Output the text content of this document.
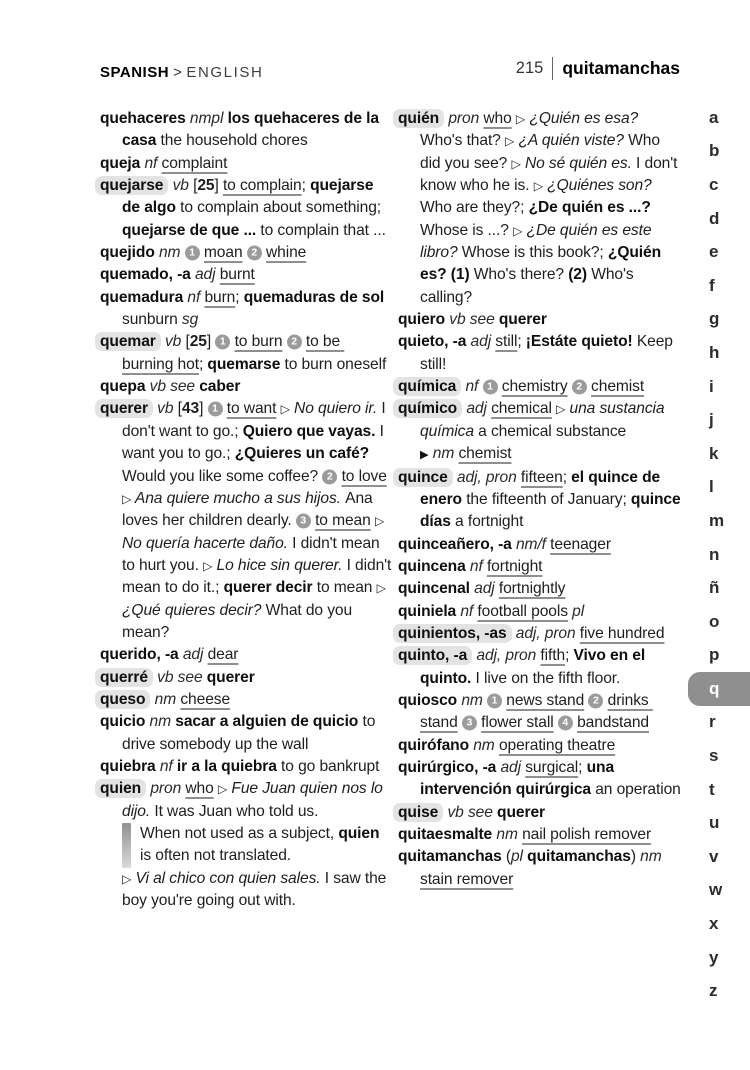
SPANISH > ENGLISH	215 quitamanchas
quehaceres nmpl los quehaceres de la casa the household chores
queja nf complaint
quejarse vb [25] to complain; quejarse de algo to complain about something; quejarse de que ... to complain that ...
quejido nm 1 moan 2 whine
quemado, -a adj burnt
quemadura nf burn; quemaduras de sol sunburn sg
quemar vb [25] 1 to burn 2 to be burning hot; quemarse to burn oneself
quepa vb see caber
querer vb [43] 1 to want ▷ No quiero ir. I don't want to go.; Quiero que vayas. I want you to go.; ¿Quieres un café? Would you like some coffee? 2 to love ▷ Ana quiere mucho a sus hijos. Ana loves her children dearly. 3 to mean ▷ No quería hacerte daño. I didn't mean to hurt you. ▷ Lo hice sin querer. I didn't mean to do it.; querer decir to mean ▷ ¿Qué quieres decir? What do you mean?
querido, -a adj dear
querré vb see querer
queso nm cheese
quicio nm sacar a alguien de quicio to drive somebody up the wall
quiebra nf ir a la quiebra to go bankrupt
quien pron who ▷ Fue Juan quien nos lo dijo. It was Juan who told us.
When not used as a subject, quien is often not translated.
▷ Vi al chico con quien sales. I saw the boy you're going out with.
quién pron who ▷ ¿Quién es esa? Who's that? ▷ ¿A quién viste? Who did you see? ▷ No sé quién es. I don't know who he is. ▷ ¿Quiénes son? Who are they?; ¿De quién es ...? Whose is ...? ▷ ¿De quién es este libro? Whose is this book?; ¿Quién es? (1) Who's there? (2) Who's calling?
quiero vb see querer
quieto, -a adj still; ¡Estáte quieto! Keep still!
química nf 1 chemistry 2 chemist
químico adj chemical ▷ una sustancia química a chemical substance
▶ nm chemist
quince adj, pron fifteen; el quince de enero the fifteenth of January; quince días a fortnight
quinceañero, -a nm/f teenager
quincena nf fortnight
quincenal adj fortnightly
quiniela nf football pools pl
quinientos, -as adj, pron five hundred
quinto, -a adj, pron fifth; Vivo en el quinto. I live on the fifth floor.
quiosco nm 1 news stand 2 drinks stand 3 flower stall 4 bandstand
quirófano nm operating theatre
quirúrgico, -a adj surgical; una intervención quirúrgica an operation
quise vb see querer
quitaesmalte nm nail polish remover
quitamanchas (pl quitamanchas) nm stain remover
a
b
c
d
e
f
g
h
i
j
k
l
m
n
ñ
o
p
q
r
s
t
u
v
w
x
y
z
